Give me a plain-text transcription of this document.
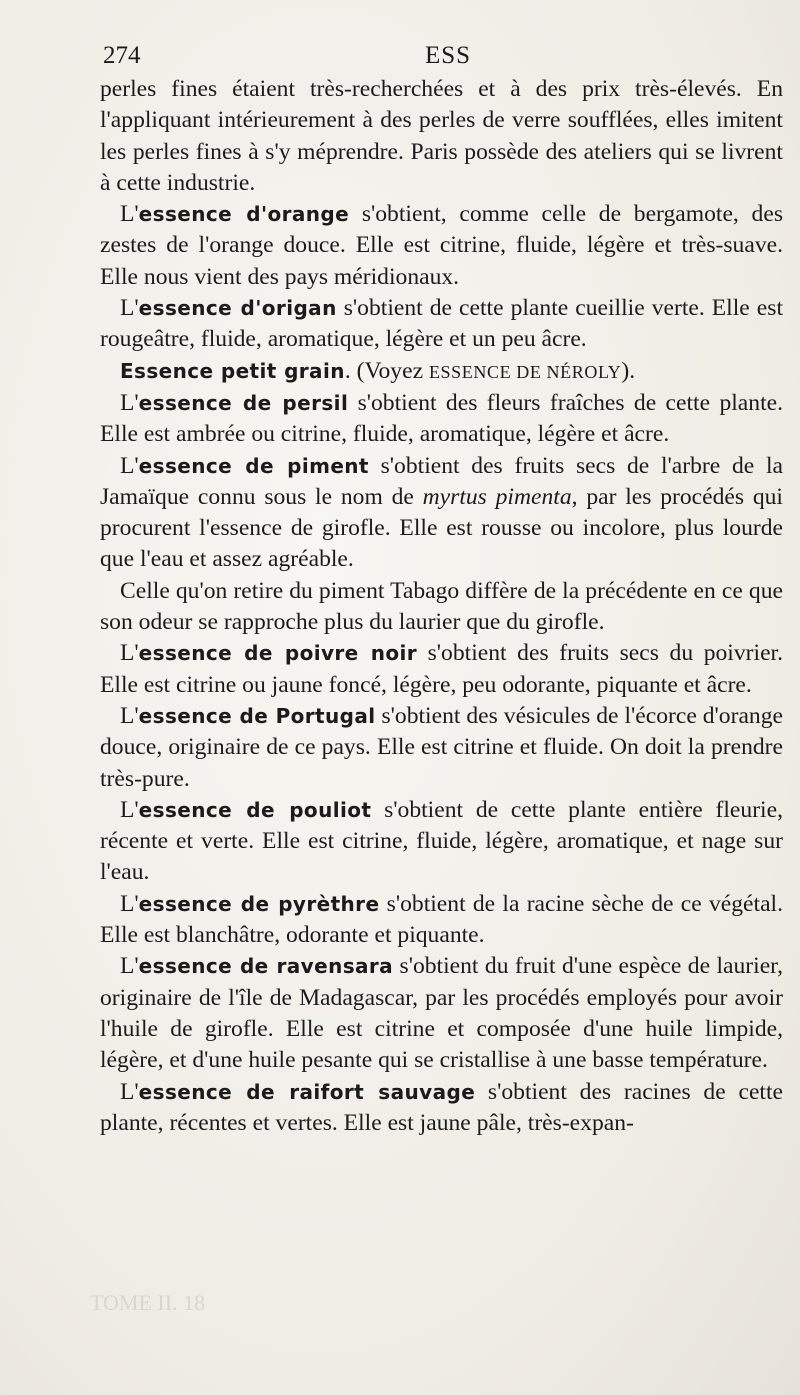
274	ESS

perles fines étaient très-recherchées et à des prix très-élevés. En l'appliquant intérieurement à des perles de verre soufflées, elles imitent les perles fines à s'y méprendre. Paris possède des ateliers qui se livrent à cette industrie.

L'essence d'orange s'obtient, comme celle de bergamote, des zestes de l'orange douce. Elle est citrine, fluide, légère et très-suave. Elle nous vient des pays méridionaux.

L'essence d'origan s'obtient de cette plante cueillie verte. Elle est rougeâtre, fluide, aromatique, légère et un peu âcre.

Essence petit grain. (Voyez ESSENCE DE NÉROLY).

L'essence de persil s'obtient des fleurs fraîches de cette plante. Elle est ambrée ou citrine, fluide, aromatique, légère et âcre.

L'essence de piment s'obtient des fruits secs de l'arbre de la Jamaïque connu sous le nom de myrtus pimenta, par les procédés qui procurent l'essence de girofle. Elle est rousse ou incolore, plus lourde que l'eau et assez agréable.

Celle qu'on retire du piment Tabago diffère de la précédente en ce que son odeur se rapproche plus du laurier que du girofle.

L'essence de poivre noir s'obtient des fruits secs du poivrier. Elle est citrine ou jaune foncé, légère, peu odorante, piquante et âcre.

L'essence de Portugal s'obtient des vésicules de l'écorce d'orange douce, originaire de ce pays. Elle est citrine et fluide. On doit la prendre très-pure.

L'essence de pouliot s'obtient de cette plante entière fleurie, récente et verte. Elle est citrine, fluide, légère, aromatique, et nage sur l'eau.

L'essence de pyrèthre s'obtient de la racine sèche de ce végétal. Elle est blanchâtre, odorante et piquante.

L'essence de ravensara s'obtient du fruit d'une espèce de laurier, originaire de l'île de Madagascar, par les procédés employés pour avoir l'huile de girofle. Elle est citrine et composée d'une huile limpide, légère, et d'une huile pesante qui se cristallise à une basse température.

L'essence de raifort sauvage s'obtient des racines de cette plante, récentes et vertes. Elle est jaune pâle, très-expan-

TOME II. 18
